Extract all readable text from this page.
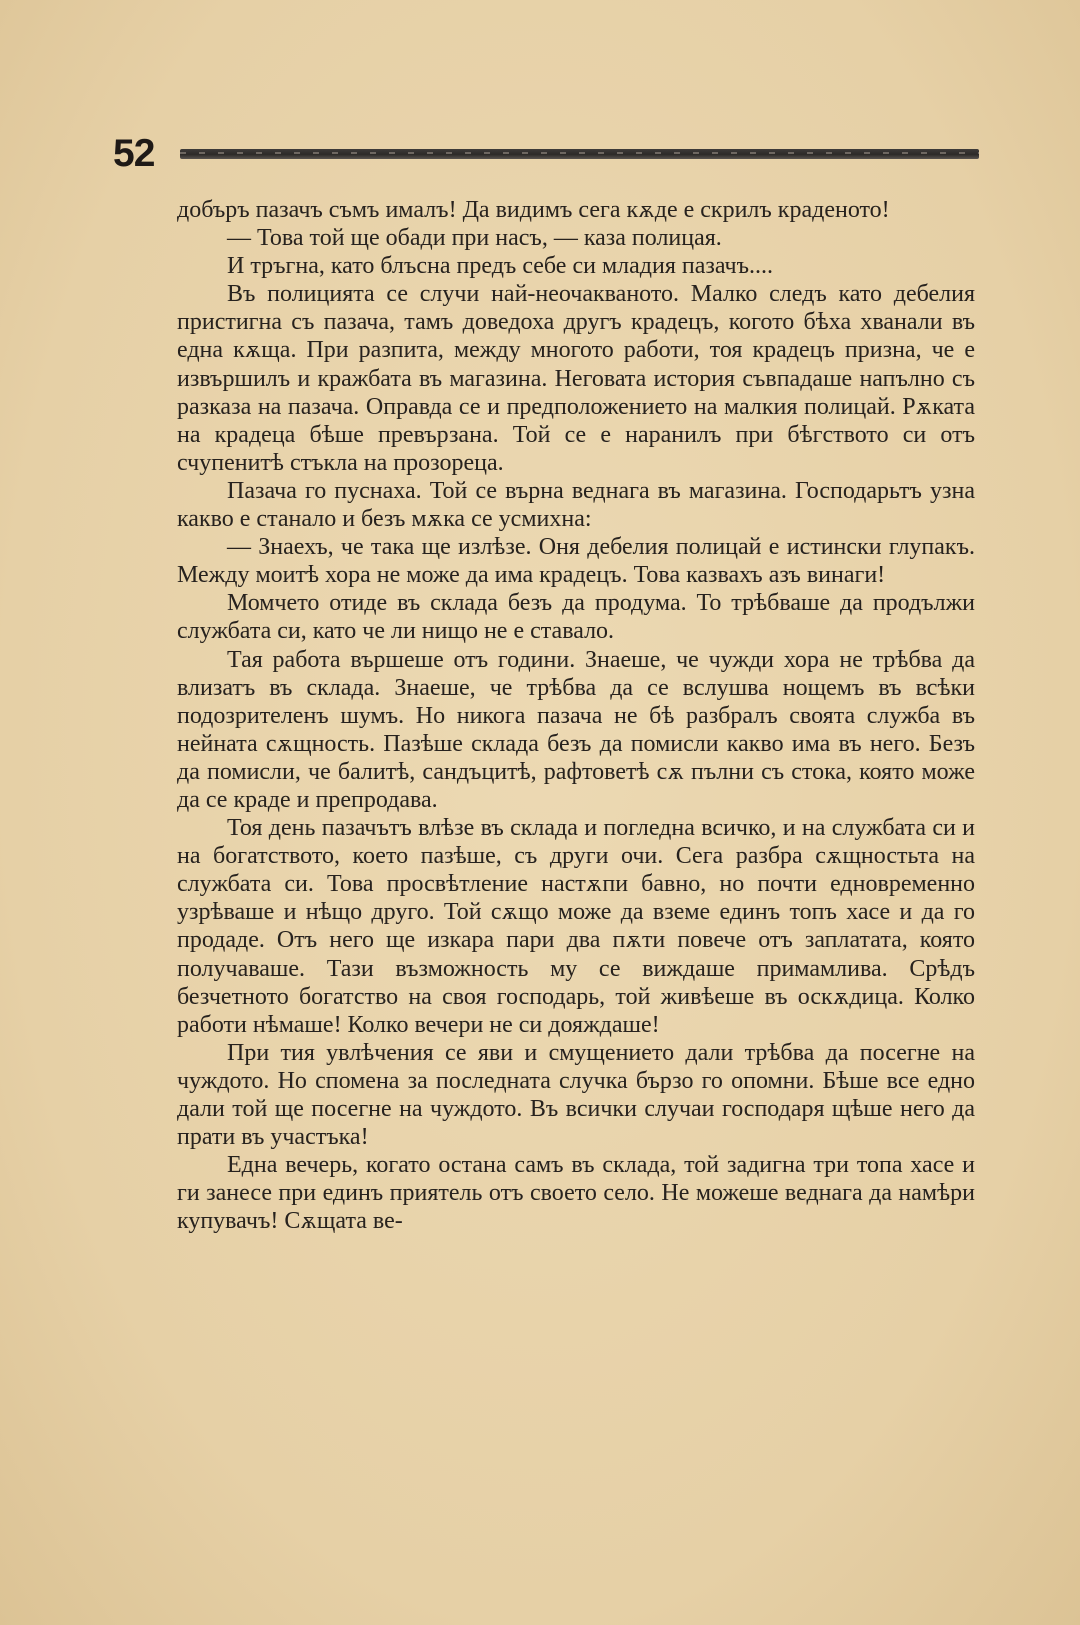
52

добъръ пазачъ съмъ ималъ! Да видимъ сега кѫде е скрилъ краденото!

— Това той ще обади при насъ, — каза полицая.

И тръгна, като блъсна предъ себе си младия пазачъ....

Въ полицията се случи най-неочакваното. Малко следъ като дебелия пристигна съ пазача, тамъ доведоха другъ крадецъ, когото бѣха хванали въ една кѫща. При разпита, между многото работи, тоя крадецъ призна, че е извършилъ и кражбата въ магазина. Неговата история съвпадаше напълно съ разказа на пазача. Оправда се и предположението на малкия полицай. Рѫката на крадеца бѣше превързана. Той се е наранилъ при бѣгството си отъ счупенитѣ стъкла на прозореца.

Пазача го пуснаха. Той се върна веднага въ магазина. Господарьтъ узна какво е станало и безъ мѫка се усмихна:

— Знаехъ, че така ще излѣзе. Оня дебелия полицай е истински глупакъ. Между моитѣ хора не може да има крадецъ. Това казвахъ азъ винаги!

Момчето отиде въ склада безъ да продума. То трѣбваше да продължи службата си, като че ли нищо не е ставало.

Тая работа вършеше отъ години. Знаеше, че чужди хора не трѣбва да влизатъ въ склада. Знаеше, че трѣбва да се вслушва нощемъ въ всѣки подозрителенъ шумъ. Но никога пазача не бѣ разбралъ своята служба въ нейната сѫщность. Пазѣше склада безъ да помисли какво има въ него. Безъ да помисли, че балитѣ, сандъцитѣ, рафтоветѣ сѫ пълни съ стока, която може да се краде и препродава.

Тоя день пазачътъ влѣзе въ склада и погледна всичко, и на службата си и на богатството, което пазѣше, съ други очи. Сега разбра сѫщностьта на службата си. Това просвѣтление настѫпи бавно, но почти едновременно узрѣваше и нѣщо друго. Той сѫщо може да вземе единъ топъ хасе и да го продаде. Отъ него ще изкара пари два пѫти повече отъ заплатата, която получаваше. Тази възможность му се виждаше примамлива. Срѣдъ безчетното богатство на своя господарь, той живѣеше въ оскѫдица. Колко работи нѣмаше! Колко вечери не си дояждаше!

При тия увлѣчения се яви и смущението дали трѣбва да посегне на чуждото. Но спомена за последната случка бързо го опомни. Бѣше все едно дали той ще посегне на чуждото. Въ всички случаи господаря щѣше него да прати въ участъка!

Една вечерь, когато остана самъ въ склада, той задигна три топа хасе и ги занесе при единъ приятель отъ своето село. Не можеше веднага да намѣри купувачъ! Сѫщата ве-
